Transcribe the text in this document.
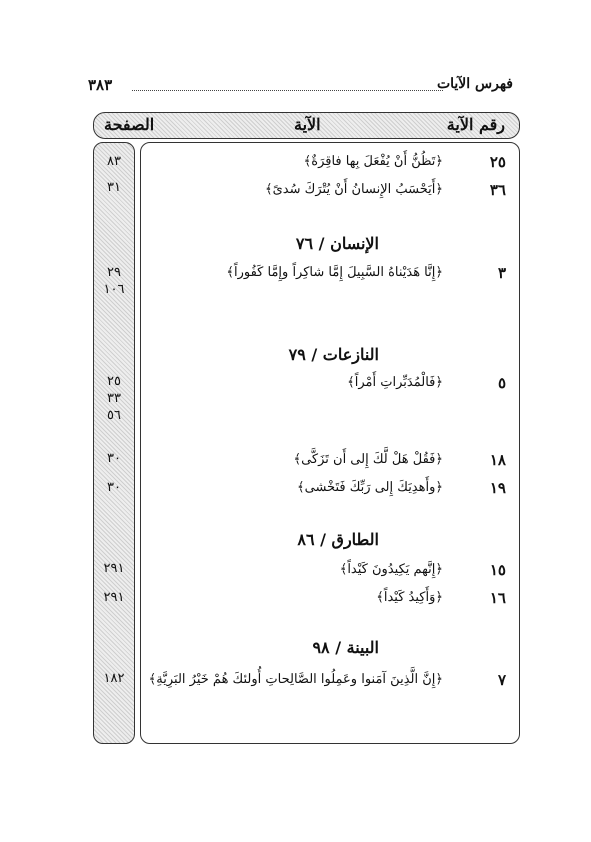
فهرس الآيات
٣٨٣
رقم الآية
الآية
الصفحة
٨٣
٣١
٢٩
١٠٦
٢٥
٣٣
٥٦
٣٠
٣٠
٢٩١
٢٩١
١٨٢
٢٥
﴿تَظُنُّ أَنْ يُفْعَلَ بِها فاقِرَةٌ﴾
٣٦
﴿أَيَحْسَبُ الإِنسانُ أَنْ يُتْرَكَ سُدىً﴾
الإنسان / ٧٦
٣
﴿إِنَّا هَدَيْناهُ السَّبِيلَ إِمَّا شاكِراً وإِمَّا كَفُوراً﴾
النازعات / ٧٩
٥
﴿فَالْمُدَبِّراتِ أَمْراً﴾
١٨
﴿فَقُلْ هَلْ لَّكَ إِلى أَن تَزَكَّى﴾
١٩
﴿وأَهدِيَكَ إِلى رَبِّكَ فَتَخْشى﴾
الطارق / ٨٦
١٥
﴿إِنَّهم يَكِيدُونَ كَيْداً﴾
١٦
﴿وَأَكِيدُ كَيْداً﴾
البينة / ٩٨
٧
﴿إِنَّ الَّذِينَ آمَنوا وعَمِلُوا الصَّالِحاتِ أُولئكَ هُمْ خَيْرُ البَرِيَّةِ﴾
